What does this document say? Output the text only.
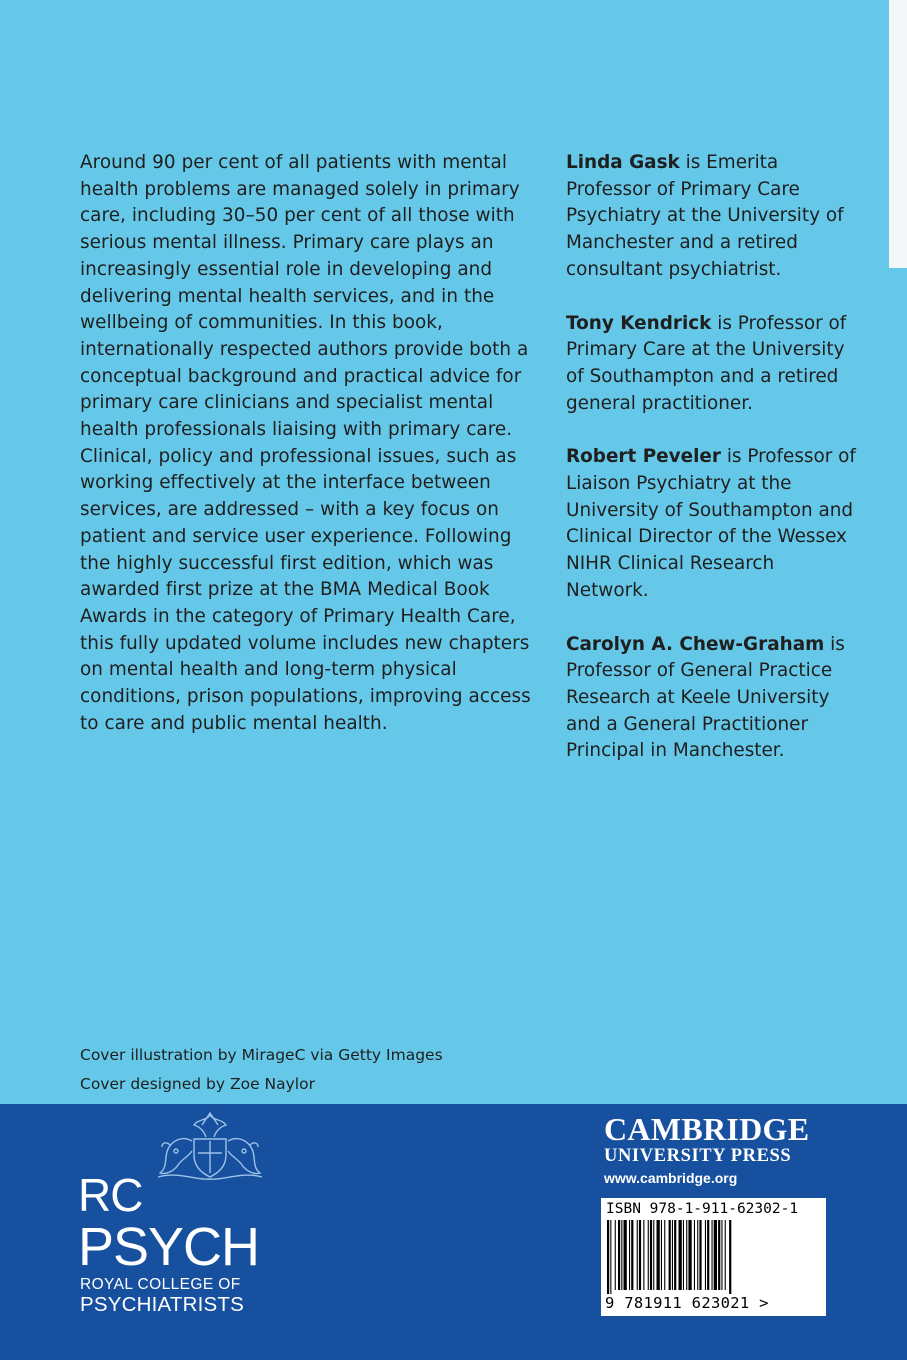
Around 90 per cent of all patients with mental health problems are managed solely in primary care, including 30–50 per cent of all those with serious mental illness. Primary care plays an increasingly essential role in developing and delivering mental health services, and in the wellbeing of communities. In this book, internationally respected authors provide both a conceptual background and practical advice for primary care clinicians and specialist mental health professionals liaising with primary care. Clinical, policy and professional issues, such as working effectively at the interface between services, are addressed – with a key focus on patient and service user experience. Following the highly successful first edition, which was awarded first prize at the BMA Medical Book Awards in the category of Primary Health Care, this fully updated volume includes new chapters on mental health and long-term physical conditions, prison populations, improving access to care and public mental health.

Linda Gask is Emerita Professor of Primary Care Psychiatry at the University of Manchester and a retired consultant psychiatrist.

Tony Kendrick is Professor of Primary Care at the University of Southampton and a retired general practitioner.

Robert Peveler is Professor of Liaison Psychiatry at the University of Southampton and Clinical Director of the Wessex NIHR Clinical Research Network.

Carolyn A. Chew-Graham is Professor of General Practice Research at Keele University and a General Practitioner Principal in Manchester.

Cover illustration by MirageC via Getty Images
Cover designed by Zoe Naylor
RC
PSYCH
ROYAL COLLEGE OF
PSYCHIATRISTS
CAMBRIDGE
UNIVERSITY PRESS
www.cambridge.org
ISBN 978-1-911-62302-1
9 781911 623021 >
